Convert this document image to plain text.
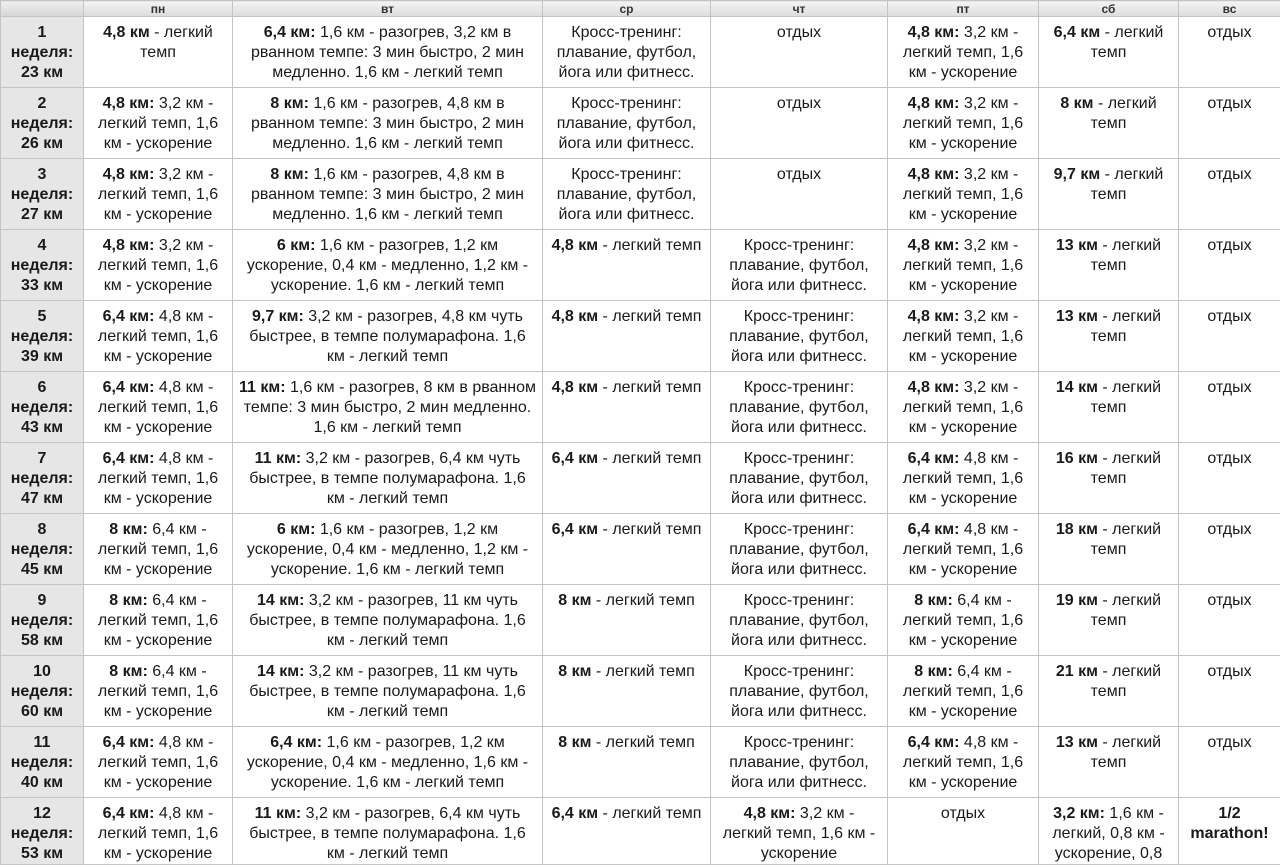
	пн	вт	ср	чт	пт	сб	вс

1
неделя:
23 км	4,8 км - легкий темп	6,4 км: 1,6 км - разогрев, 3,2 км в рванном темпе: 3 мин быстро, 2 мин медленно. 1,6 км - легкий темп	Кросс-тренинг: плавание, футбол, йога или фитнесс.	отдых	4,8 км: 3,2 км - легкий темп, 1,6 км - ускорение	6,4 км - легкий темп	отдых

2
неделя:
26 км	4,8 км: 3,2 км - легкий темп, 1,6 км - ускорение	8 км: 1,6 км - разогрев, 4,8 км в рванном темпе: 3 мин быстро, 2 мин медленно. 1,6 км - легкий темп	Кросс-тренинг: плавание, футбол, йога или фитнесс.	отдых	4,8 км: 3,2 км - легкий темп, 1,6 км - ускорение	8 км - легкий темп	отдых

3
неделя:
27 км	4,8 км: 3,2 км - легкий темп, 1,6 км - ускорение	8 км: 1,6 км - разогрев, 4,8 км в рванном темпе: 3 мин быстро, 2 мин медленно. 1,6 км - легкий темп	Кросс-тренинг: плавание, футбол, йога или фитнесс.	отдых	4,8 км: 3,2 км - легкий темп, 1,6 км - ускорение	9,7 км - легкий темп	отдых

4
неделя:
33 км	4,8 км: 3,2 км - легкий темп, 1,6 км - ускорение	6 км: 1,6 км - разогрев, 1,2 км ускорение, 0,4 км - медленно, 1,2 км - ускорение. 1,6 км - легкий темп	4,8 км - легкий темп	Кросс-тренинг: плавание, футбол, йога или фитнесс.	4,8 км: 3,2 км - легкий темп, 1,6 км - ускорение	13 км - легкий темп	отдых

5
неделя:
39 км	6,4 км: 4,8 км - легкий темп, 1,6 км - ускорение	9,7 км: 3,2 км - разогрев, 4,8 км чуть быстрее, в темпе полумарафона. 1,6 км - легкий темп	4,8 км - легкий темп	Кросс-тренинг: плавание, футбол, йога или фитнесс.	4,8 км: 3,2 км - легкий темп, 1,6 км - ускорение	13 км - легкий темп	отдых

6
неделя:
43 км	6,4 км: 4,8 км - легкий темп, 1,6 км - ускорение	11 км: 1,6 км - разогрев, 8 км в рванном темпе: 3 мин быстро, 2 мин медленно. 1,6 км - легкий темп	4,8 км - легкий темп	Кросс-тренинг: плавание, футбол, йога или фитнесс.	4,8 км: 3,2 км - легкий темп, 1,6 км - ускорение	14 км - легкий темп	отдых

7
неделя:
47 км	6,4 км: 4,8 км - легкий темп, 1,6 км - ускорение	11 км: 3,2 км - разогрев, 6,4 км чуть быстрее, в темпе полумарафона. 1,6 км - легкий темп	6,4 км - легкий темп	Кросс-тренинг: плавание, футбол, йога или фитнесс.	6,4 км: 4,8 км - легкий темп, 1,6 км - ускорение	16 км - легкий темп	отдых

8
неделя:
45 км	8 км: 6,4 км - легкий темп, 1,6 км - ускорение	6 км: 1,6 км - разогрев, 1,2 км ускорение, 0,4 км - медленно, 1,2 км - ускорение. 1,6 км - легкий темп	6,4 км - легкий темп	Кросс-тренинг: плавание, футбол, йога или фитнесс.	6,4 км: 4,8 км - легкий темп, 1,6 км - ускорение	18 км - легкий темп	отдых

9
неделя:
58 км	8 км: 6,4 км - легкий темп, 1,6 км - ускорение	14 км: 3,2 км - разогрев, 11 км чуть быстрее, в темпе полумарафона. 1,6 км - легкий темп	8 км - легкий темп	Кросс-тренинг: плавание, футбол, йога или фитнесс.	8 км: 6,4 км - легкий темп, 1,6 км - ускорение	19 км - легкий темп	отдых

10
неделя:
60 км	8 км: 6,4 км - легкий темп, 1,6 км - ускорение	14 км: 3,2 км - разогрев, 11 км чуть быстрее, в темпе полумарафона. 1,6 км - легкий темп	8 км - легкий темп	Кросс-тренинг: плавание, футбол, йога или фитнесс.	8 км: 6,4 км - легкий темп, 1,6 км - ускорение	21 км - легкий темп	отдых

11
неделя:
40 км	6,4 км: 4,8 км - легкий темп, 1,6 км - ускорение	6,4 км: 1,6 км - разогрев, 1,2 км ускорение, 0,4 км - медленно, 1,6 км - ускорение. 1,6 км - легкий темп	8 км - легкий темп	Кросс-тренинг: плавание, футбол, йога или фитнесс.	6,4 км: 4,8 км - легкий темп, 1,6 км - ускорение	13 км - легкий темп	отдых

12
неделя:
53 км	6,4 км: 4,8 км - легкий темп, 1,6 км - ускорение	11 км: 3,2 км - разогрев, 6,4 км чуть быстрее, в темпе полумарафона. 1,6 км - легкий темп	6,4 км - легкий темп	4,8 км: 3,2 км - легкий темп, 1,6 км - ускорение	отдых	3,2 км: 1,6 км - легкий, 0,8 км - ускорение, 0,8	1/2 marathon!
